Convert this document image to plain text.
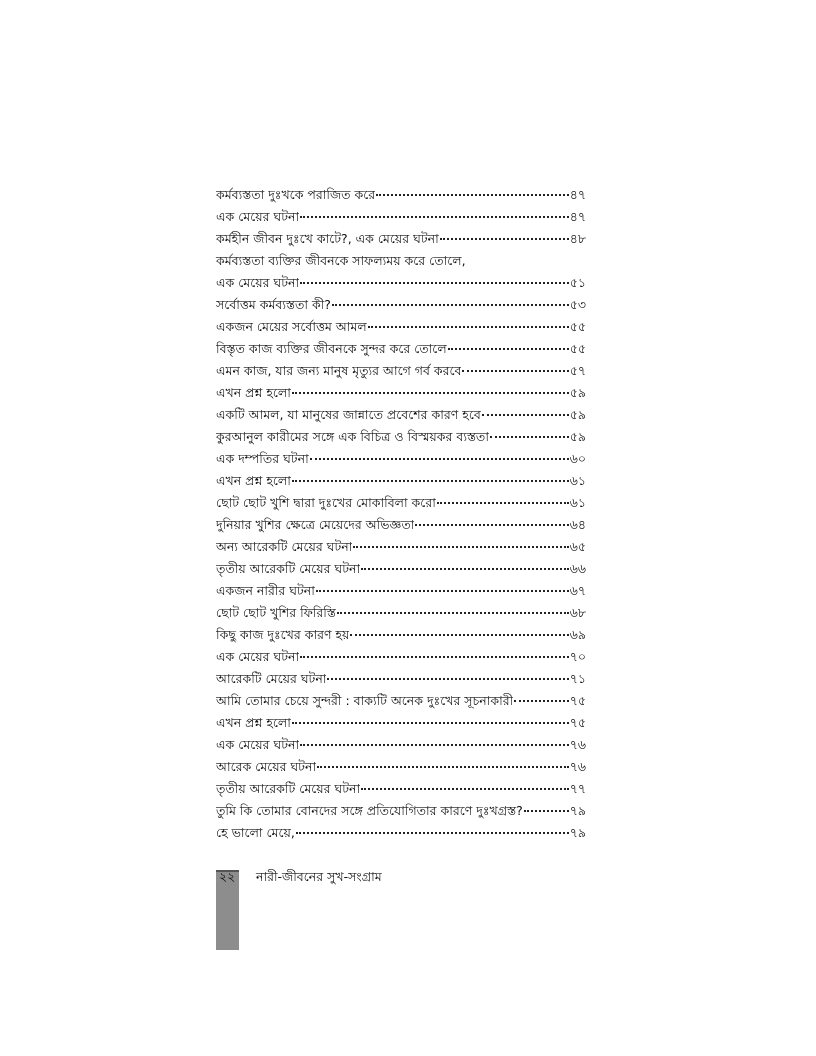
কর্মব্যস্ততা দুঃখকে পরাজিত করে	৪৭
এক মেয়ের ঘটনা	৪৭
কর্মহীন জীবন দুঃখে কাটে?, এক মেয়ের ঘটনা	৪৮
কর্মব্যস্ততা ব্যক্তির জীবনকে সাফল্যময় করে তোলে,
এক মেয়ের ঘটনা	৫১
সর্বোত্তম কর্মব্যস্ততা কী?	৫৩
একজন মেয়ের সর্বোত্তম আমল	৫৫
বিস্তৃত কাজ ব্যক্তির জীবনকে সুন্দর করে তোলে	৫৫
এমন কাজ, যার জন্য মানুষ মৃত্যুর আগে গর্ব করবে	৫৭
এখন প্রশ্ন হলো	৫৯
একটি আমল, যা মানুষের জান্নাতে প্রবেশের কারণ হবে	৫৯
কুরআনুল কারীমের সঙ্গে এক বিচিত্র ও বিস্ময়কর ব্যস্ততা	৫৯
এক দম্পতির ঘটনা	৬০
এখন প্রশ্ন হলো	৬১
ছোট ছোট খুশি দ্বারা দুঃখের মোকাবিলা করো	৬১
দুনিয়ার খুশির ক্ষেত্রে মেয়েদের অভিজ্ঞতা	৬৪
অন্য আরেকটি মেয়ের ঘটনা	৬৫
তৃতীয় আরেকটি মেয়ের ঘটনা	৬৬
একজন নারীর ঘটনা	৬৭
ছোট ছোট খুশির ফিরিস্তি	৬৮
কিছু কাজ দুঃখের কারণ হয়	৬৯
এক মেয়ের ঘটনা	৭০
আরেকটি মেয়ের ঘটনা	৭১
আমি তোমার চেয়ে সুন্দরী : বাক্যটি অনেক দুঃখের সূচনাকারী	৭৫
এখন প্রশ্ন হলো	৭৫
এক মেয়ের ঘটনা	৭৬
আরেক মেয়ের ঘটনা	৭৬
তৃতীয় আরেকটি মেয়ের ঘটনা	৭৭
তুমি কি তোমার বোনদের সঙ্গে প্রতিযোগিতার কারণে দুঃখগ্রস্ত?	৭৯
হে ভালো মেয়ে,	৭৯
২২ নারী-জীবনের সুখ-সংগ্রাম
